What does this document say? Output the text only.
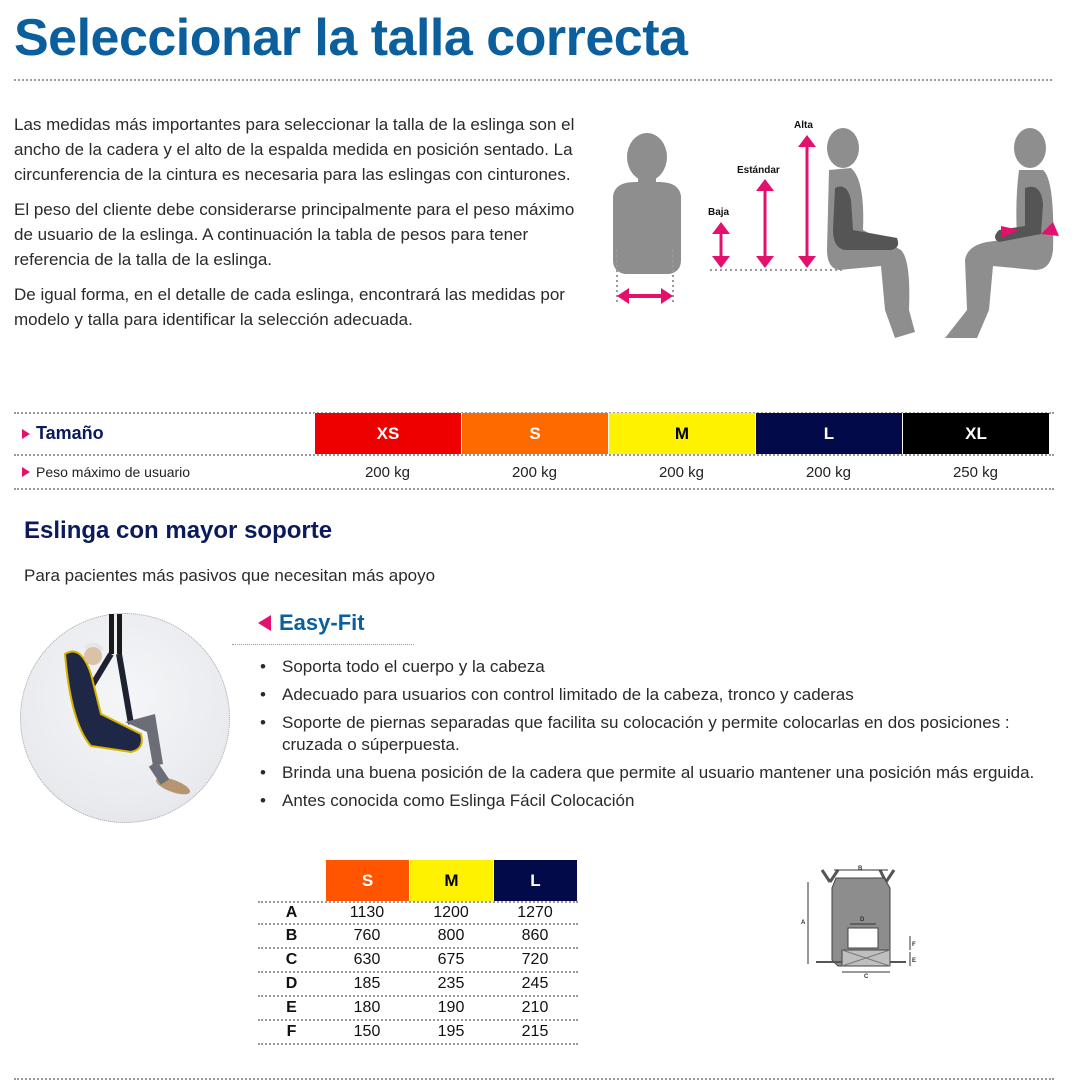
Seleccionar la talla correcta

Las medidas más importantes para seleccionar la talla de la eslinga son el ancho de la cadera y el alto de la espalda medida en posición sentado. La circunferencia de la cintura es necesaria para las eslingas con cinturones.

El peso del cliente debe considerarse principalmente para el peso máximo de usuario de la eslinga. A continuación la tabla de pesos para tener referencia de la talla de la eslinga.

De igual forma, en el detalle de cada eslinga, encontrará las medidas por modelo y talla para identificar la selección adecuada.

Baja
Estándar
Alta
Tamaño	XS	S	M	L	XL
Peso máximo de usuario	200 kg	200 kg	200 kg	200 kg	250 kg
Eslinga con mayor soporte

Para pacientes más pasivos que necesitan más apoyo

Easy-Fit
• Soporta todo el cuerpo y la cabeza
• Adecuado para usuarios con control limitado de la cabeza, tronco y caderas
• Soporte de piernas separadas que facilita su colocación y permite colocarlas en dos posiciones : cruzada o súperpuesta.
• Brinda una buena posición de la cadera que permite al usuario mantener una posición más erguida.
• Antes conocida como Eslinga Fácil Colocación
S	M	L
A	1130	1200	1270
B	760	800	860
C	630	675	720
D	185	235	245
E	180	190	210
F	150	195	215
B
A	D
C
F
E
